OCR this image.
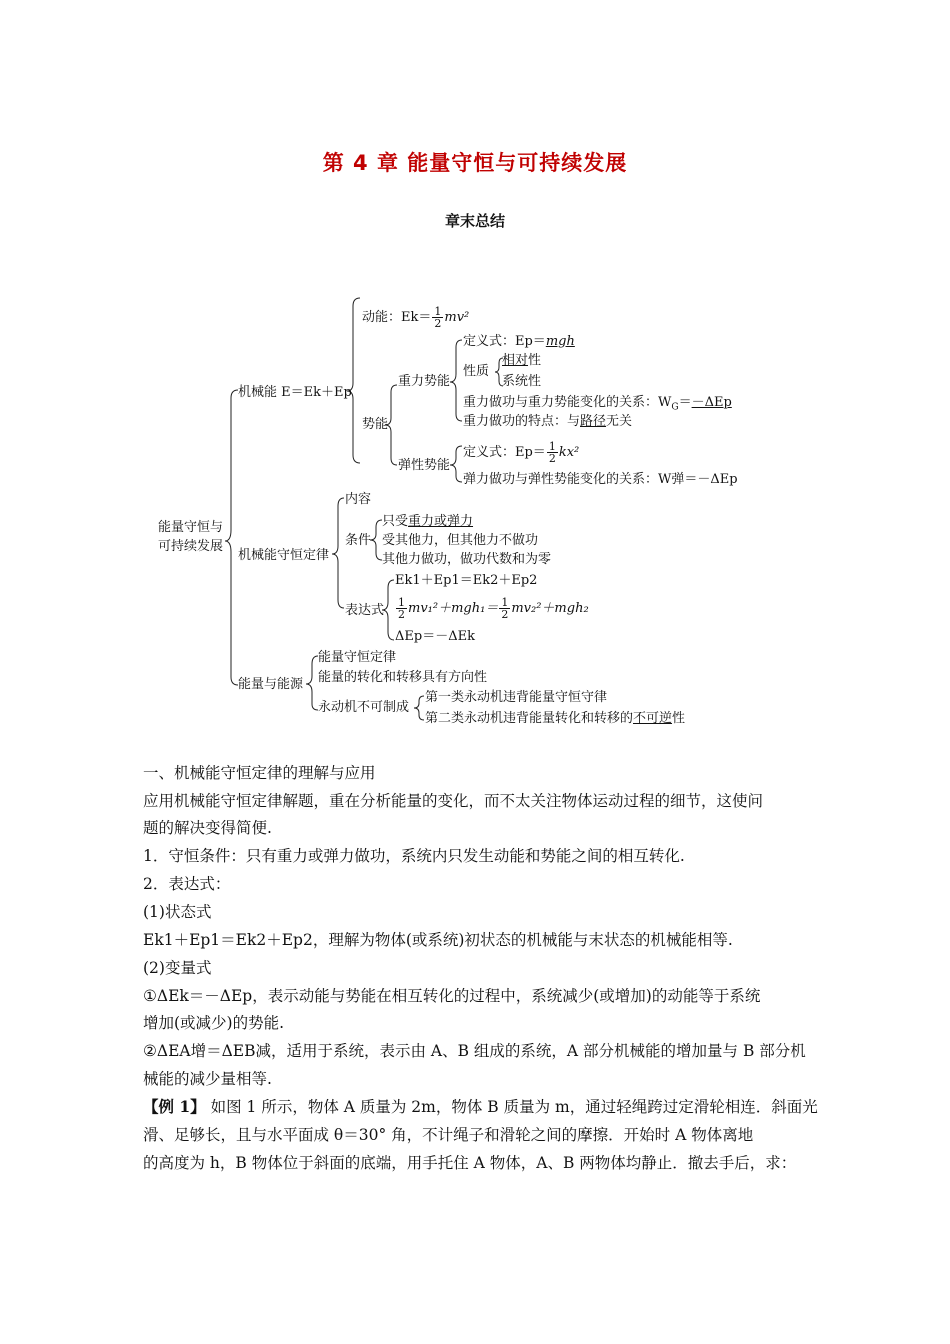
第 4 章 能量守恒与可持续发展
章末总结
能量守恒与
可持续发展
机械能 E＝Ek＋Ep
动能：$Ek= \frac{1}{2} mv^2$
势能
重力势能
定义式：Ep＝mgh
性质
相对性
系统性
重力做功与重力势能变化的关系：$W_G=-\Delta Ep$
重力做功的特点：与路径无关
弹性势能
定义式：$Ep= \frac{1}{2} kx^2$
弹力做功与弹性势能变化的关系：W弹＝－ΔEp
机械能守恒定律
内容
条件
只受重力或弹力
受其他力，但其他力不做功
其他力做功，做功代数和为零
表达式
Ek1＋Ep1＝Ek2＋Ep2
$\frac{1}{2} mv_1^2+mgh_1= \frac{1}{2} mv_2^2+mgh_2$
ΔEp＝－ΔEk
能量与能源
能量守恒定律
能量的转化和转移具有方向性
永动机不可制成
第一类永动机违背能量守恒守律
第二类永动机违背能量转化和转移的不可逆性
一、机械能守恒定律的理解与应用
应用机械能守恒定律解题，重在分析能量的变化，而不太关注物体运动过程的细节，这使问
题的解决变得简便.
1．守恒条件：只有重力或弹力做功，系统内只发生动能和势能之间的相互转化.
2．表达式：
(1)状态式
Ek1＋Ep1＝Ek2＋Ep2，理解为物体(或系统)初状态的机械能与末状态的机械能相等.
(2)变量式
①ΔEk＝－ΔEp，表示动能与势能在相互转化的过程中，系统减少(或增加)的动能等于系统
增加(或减少)的势能.
②ΔEA增＝ΔEB减，适用于系统，表示由 A、B 组成的系统，A 部分机械能的增加量与 B 部分机
械能的减少量相等.
【例 1】 如图 1 所示，物体 A 质量为 2m，物体 B 质量为 m，通过轻绳跨过定滑轮相连．斜面光
滑、足够长，且与水平面成 θ＝30° 角，不计绳子和滑轮之间的摩擦．开始时 A 物体离地
的高度为 h，B 物体位于斜面的底端，用手托住 A 物体，A、B 两物体均静止．撤去手后，求：
